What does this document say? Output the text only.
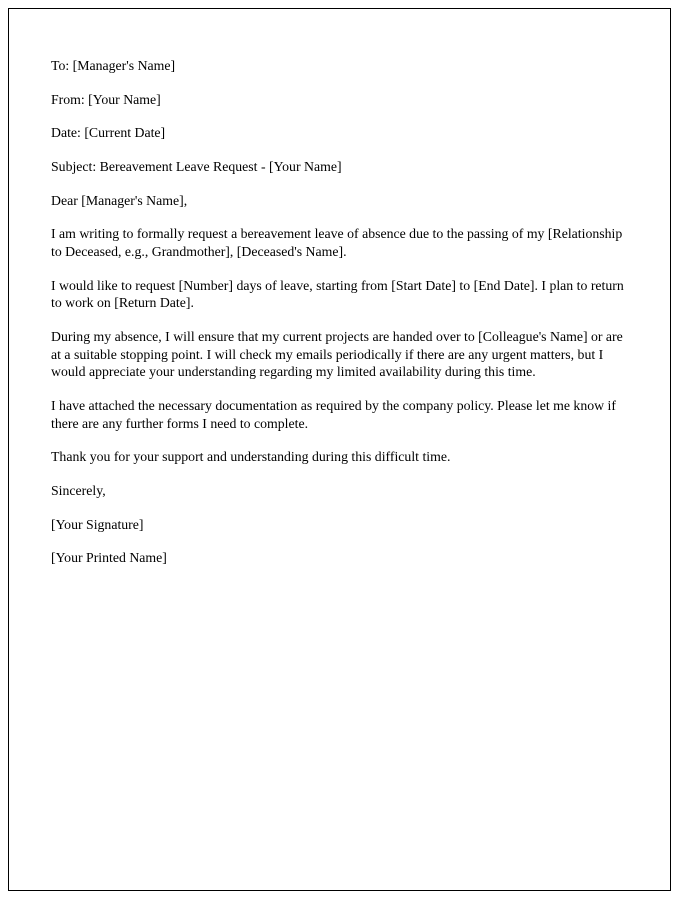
To: [Manager's Name]

From: [Your Name]

Date: [Current Date]

Subject: Bereavement Leave Request - [Your Name]

Dear [Manager's Name],

I am writing to formally request a bereavement leave of absence due to the passing of my [Relationship to Deceased, e.g., Grandmother], [Deceased's Name].

I would like to request [Number] days of leave, starting from [Start Date] to [End Date]. I plan to return to work on [Return Date].

During my absence, I will ensure that my current projects are handed over to [Colleague's Name] or are at a suitable stopping point. I will check my emails periodically if there are any urgent matters, but I would appreciate your understanding regarding my limited availability during this time.

I have attached the necessary documentation as required by the company policy. Please let me know if there are any further forms I need to complete.

Thank you for your support and understanding during this difficult time.

Sincerely,

[Your Signature]

[Your Printed Name]
